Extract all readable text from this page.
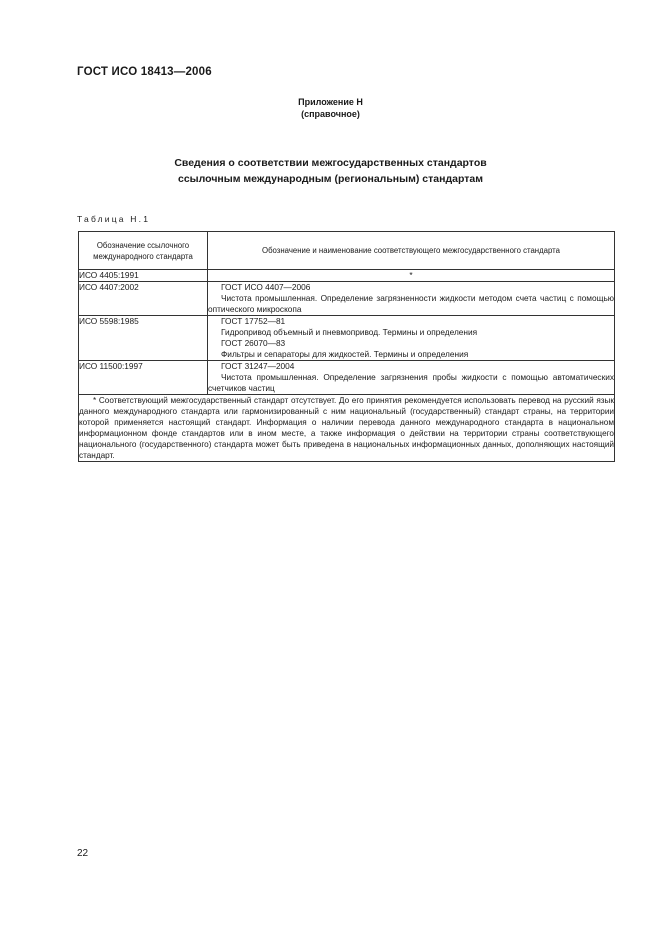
ГОСТ ИСО 18413—2006
Приложение Н
(справочное)
Сведения о соответствии межгосударственных стандартов
ссылочным международным (региональным) стандартам
Таблица Н.1
Обозначение ссылочного
международного стандарта	Обозначение и наименование соответствующего межгосударственного стандарта
ИСО 4405:1991	*
ИСО 4407:2002	ГОСТ ИСО 4407—2006
Чистота промышленная. Определение загрязненности жидкости методом счета частиц с помощью оптического микроскопа

ИСО 5598:1985	ГОСТ 17752—81
Гидропривод объемный и пневмопривод. Термины и определения
ГОСТ 26070—83
Фильтры и сепараторы для жидкостей. Термины и определения

ИСО 11500:1997	ГОСТ 31247—2004
Чистота промышленная. Определение загрязнения пробы жидкости с помощью автоматических счетчиков частиц

* Соответствующий межгосударственный стандарт отсутствует. До его принятия рекомендуется использовать перевод на русский язык данного международного стандарта или гармонизированный с ним национальный (государственный) стандарт страны, на территории которой применяется настоящий стандарт. Информация о наличии перевода данного международного стандарта в национальном информационном фонде стандартов или в ином месте, а также информация о действии на территории страны соответствующего национального (государственного) стандарта может быть приведена в национальных информационных данных, дополняющих настоящий стандарт.	
22
